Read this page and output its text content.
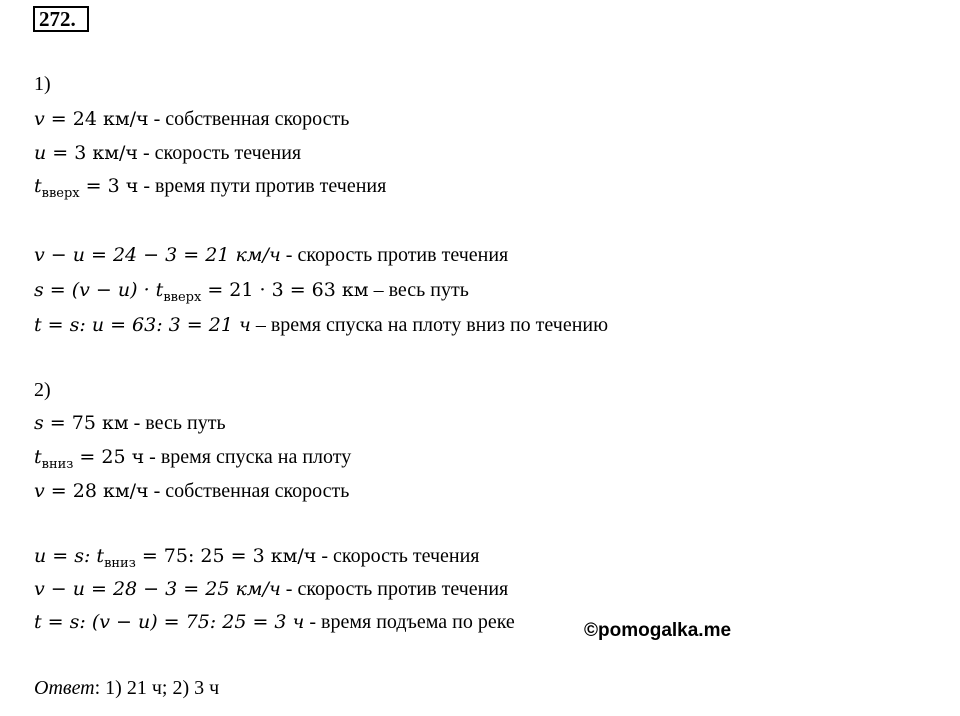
272.
1)
v = 24 км/ч - собственная скорость
u = 3 км/ч - скорость течения
$t_{вверх} = 3$ ч - время пути против течения
v − u = 24 − 3 = 21 км/ч - скорость против течения
$s = (v - u) \cdot t_{вверх} = 21 \cdot 3 = 63$ км – весь путь
t = s: u = 63: 3 = 21 ч – время спуска на плоту вниз по течению
2)
s = 75 км - весь путь
$t_{вниз} = 25$ ч - время спуска на плоту
v = 28 км/ч - собственная скорость
u = s: $t_{вниз} = 75$: 25 = 3 км/ч - скорость течения
v − u = 28 − 3 = 25 км/ч - скорость против течения
t = s: (v − u) = 75: 25 = 3 ч - время подъема по реке	©pomogalka.me
Ответ: 1) 21 ч; 2) 3 ч
